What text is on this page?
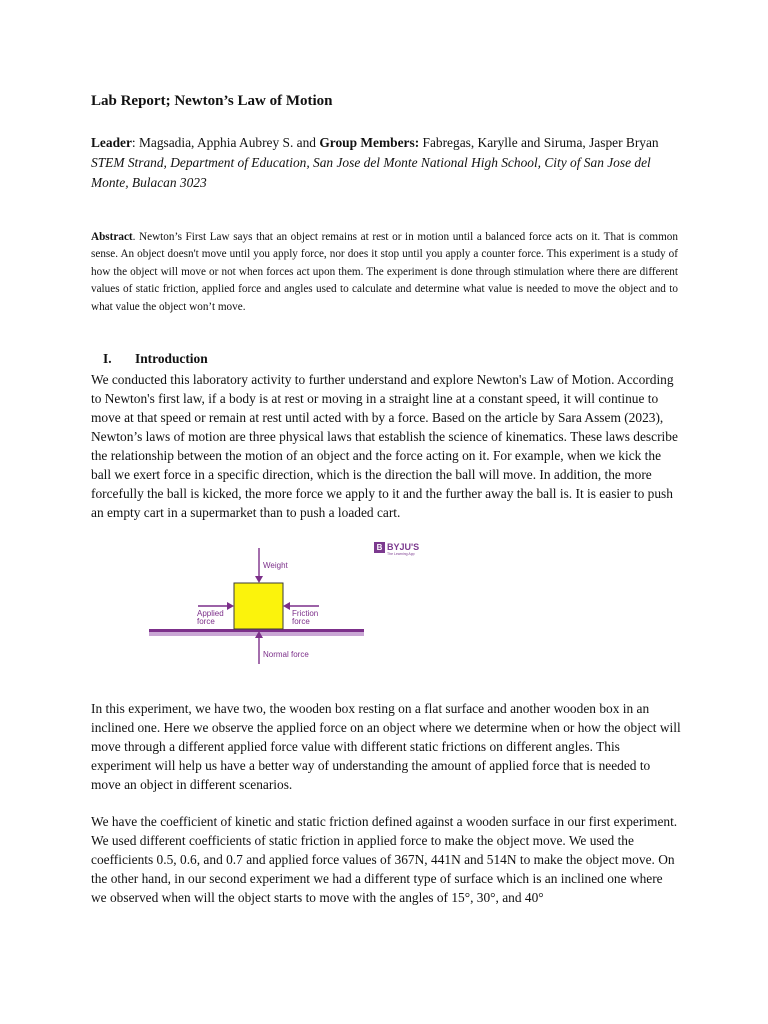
Lab Report; Newton’s Law of Motion
Leader: Magsadia, Apphia Aubrey S. and Group Members: Fabregas, Karylle and Siruma, Jasper Bryan
STEM Strand, Department of Education, San Jose del Monte National High School, City of San Jose del Monte, Bulacan 3023
Abstract. Newton’s First Law says that an object remains at rest or in motion until a balanced force acts on it. That is common sense. An object doesn't move until you apply force, nor does it stop until you apply a counter force. This experiment is a study of how the object will move or not when forces act upon them. The experiment is done through stimulation where there are different values of static friction, applied force and angles used to calculate and determine what value is needed to move the object and to what value the object won’t move.
I.	Introduction

We conducted this laboratory activity to further understand and explore Newton's Law of Motion. According to Newton's first law, if a body is at rest or moving in a straight line at a constant speed, it will continue to move at that speed or remain at rest until acted with by a force. Based on the article by Sara Assem (2023), Newton’s laws of motion are three physical laws that establish the science of kinematics. These laws describe the relationship between the motion of an object and the force acting on it. For example, when we kick the ball we exert force in a specific direction, which is the direction the ball will move. In addition, the more forcefully the ball is kicked, the more force we apply to it and the further away the ball is. It is easier to push an empty cart in a supermarket than to push a loaded cart.

Weight
Applied
force
Friction
force
Normal force
B BYJU'S
The Learning App

In this experiment, we have two, the wooden box resting on a flat surface and another wooden box in an inclined one. Here we observe the applied force on an object where we determine when or how the object will move through a different applied force value with different static frictions on different angles. This experiment will help us have a better way of understanding the amount of applied force that is needed to move an object in different scenarios.

We have the coefficient of kinetic and static friction defined against a wooden surface in our first experiment. We used different coefficients of static friction in applied force to make the object move. We used the coefficients 0.5, 0.6, and 0.7 and applied force values of 367N, 441N and 514N to make the object move. On the other hand, in our second experiment we had a different type of surface which is an inclined one where we observed when will the object starts to move with the angles of 15°, 30°, and 40°
